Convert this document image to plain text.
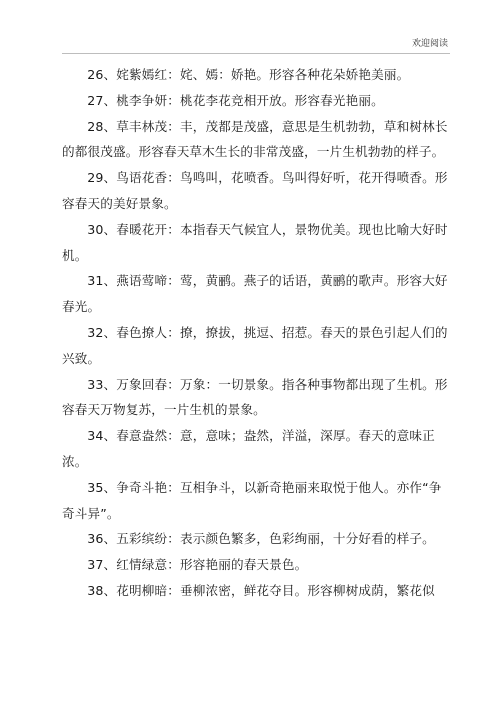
欢迎阅读

26、姹紫嫣红：姹、嫣：娇艳。形容各种花朵娇艳美丽。

27、桃李争妍：桃花李花竞相开放。形容春光艳丽。

28、草丰林茂：丰，茂都是茂盛，意思是生机勃勃，草和树林长的都很茂盛。形容春天草木生长的非常茂盛，一片生机勃勃的样子。

29、鸟语花香：鸟鸣叫，花喷香。鸟叫得好听，花开得喷香。形容春天的美好景象。

30、春暖花开：本指春天气候宜人，景物优美。现也比喻大好时机。

31、燕语莺啼：莺，黄鹂。燕子的话语，黄鹂的歌声。形容大好春光。

32、春色撩人：撩，撩拔，挑逗、招惹。春天的景色引起人们的兴致。

33、万象回春：万象：一切景象。指各种事物都出现了生机。形容春天万物复苏，一片生机的景象。

34、春意盎然：意，意味；盎然，洋溢，深厚。春天的意味正浓。

35、争奇斗艳：互相争斗，以新奇艳丽来取悦于他人。亦作“争奇斗异”。

36、五彩缤纷：表示颜色繁多，色彩绚丽，十分好看的样子。

37、红情绿意：形容艳丽的春天景色。

38、花明柳暗：垂柳浓密，鲜花夺目。形容柳树成荫，繁花似
